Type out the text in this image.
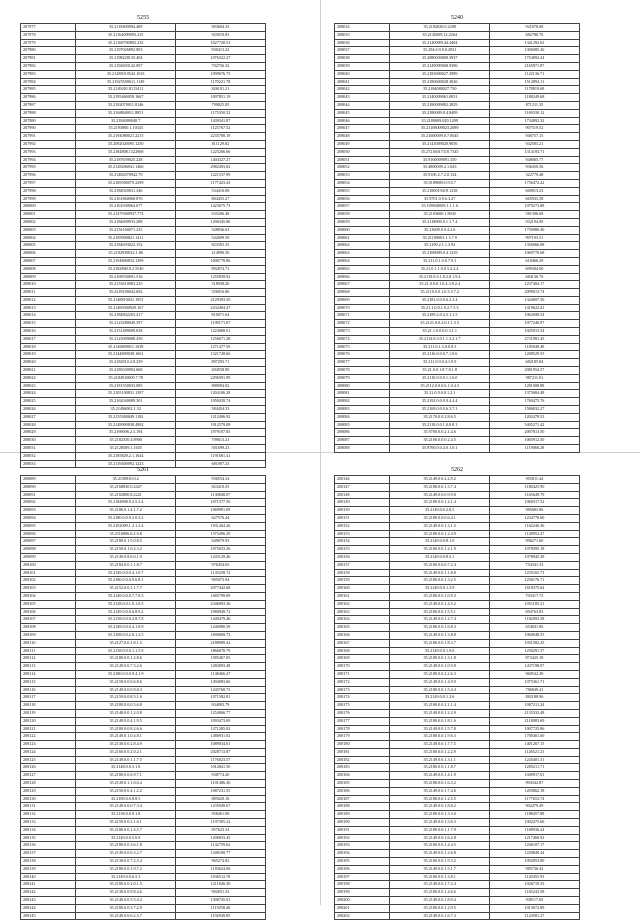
5255
207977	35.2118409094.409	903604.35
207978	35.21164009093.215	925010.83
207979	35.21168700892.233	1027720.53
207980	35.2197026892.903	930413.22
207981	35.2198220133.404	1076322.27
207982	35.2192603142.097	702756.32
207983	35.21285010542.1633	1099676.75
207984	35.21925500611.1149	1170221.78
207985	35.2149201.8115411	826101.21
207986	35.2195460059.1667	1097851.19
207987	35.2182070011.8146	799825.85
207988	35.2168840011.8851	1175350.52
207989	35.2184009040.7	1439341.87
207990	35.2193800.1.10343	1125767.52
207991	35.2194080021.2215	2235708.19
207992	35.2092020095.1250	811129.82
207993	35.2184808.1322968	1225266.66
207994	35.2187659025.228	1404327.27
207995	35.2128206941.1466	2982493.82
207996	35.21482070942.79	1221537.99
207997	35.2169500079.2299	1177423.43
207998	35.2184920031.346	534416.08
207999	35.2161860068.876	804455.27
208000	35.2161030064.677	1423675.73
208001	35.21479300937.774	635206.48
208002	35.2184690933.288	1296345.86
208003	35.2154160071.235	528836.63
208004	35.2185900821.1411	542699.59
208005	35.2184693022.152	823393.35
208006	35.2182939022.1.86	214990.50
208007	35.2194800832.1299	1006778.86
208008	35.2182800.8.2.5540	892874.71
208009	35.2169550091.516	1255839.92
208010	35.2153610083.225	318938.20
208011	35.2218100042.692	356916.80
208012	35.2148810041.1951	2129393.50
208013	35.21469300929.167	2232404.47
208014	35.2184802203.417	810071.64
208015	35.2123280049.397	1199171.87
208016	35.2151489009.638	1224068.01
208017	35.2123009088.459	1256671.28
208018	35.2146809011.1639	1271477.59
208019	35.2144809038.1661	1321728.66
208020	35.2182810.2.8.239	897293.71
208021	35.2185030092.668	204558.90
208022	35.2184910009.7.78	2296591.99
208023	35.2181550033.085	889094.02
208024	35.2105100831.1397	1204106.28
208025	35.2162040089.301	1950439.74
208026	35.21496002.1.32	584454.53
208027	35.2155380049.1182	1212496.92
208028	35.2148900838.4902	1912579.08
208029	35.2169006.2.3.194	1979107.83
208030	35.2182350.4.8900	709613.21
208031	35.2128509.1.1655	501699.23
208032	35.2185829.2.1.1644	1191681.41
208033	35.2139400092.1223	681097.23
5240
208034	35.2182020.0.2208	921078.68
208035	35.2145009.12.2264	682780.70
208036	35.2140009144.4404	1341292.62
208037	35.294.6.9.9.0.2931	1306085.26
208038	35.2080030069.3937	1754092.44
208039	35.2149009068.9396	2165971.87
208040	35.2183000027.3989	1122136.71
208041	35.2180600028.3026	1512894.11
208042	35.2184080027.750	1178819.68
208043	35.2140009061.0051	1188249.68
208044	35.2180009082.2829	871211.35
208045	35.2180009.8.4.8409	1169330.12
208046	35.2180009.029.1299	1734092.32
208047	35.21108009023.2089	907519.52
208048	35.21600009.0.7.0045	946757.15
208049	35.2143009020.9056	942583.21
208050	35.27216017310.7345	1314193.71
208051	35.9160009091.350	948065.77
208052	35.4800009.2.1.043	936450.56
208053	35.9100.2.7.2.0.134	322779.48
208054	35.9189009.0.9.0.7	1756472.42
208055	35.2180019419.1238	669013.23
208056	35.9701.0.9.6.3.27	665933.58
208057	35.109920009.1.1.1.6	1079273.88
208058	35.2103600.1.8045	581396.68
208059	35.2118900.0.1.1.7.4	932194.90
208060	35.21609.0.0.4.2.6	1750080.40
208061	35.21109003.1.3.7.9	997193.51
208062	35.2190.2.1.1.3.92	1356066.08
208063	35.2108009.0.4.1229	1069770.68
208064	35.211.0.1.0.0.7.9.1	610466.29
208065	35.21.0.1.1.0.0.5.2.2.4	699304.00
208066	35.2110.0.0.1.8.2.8.1.9.4	684130.70
208067	35.21.0.0.0.1.0.4.3.8.2.4	1237404.17
208068	35.2110.0.0.1.0.3.3.7.2	2099013.74
208069	35.2181.0.0.0.6.2.3.4	1344697.56
208070	35.21.1.0.0.1.0.2.7.5.3	1419622.41
208071	35.2189.2.0.4.5.1.1.5	1062698.54
208072	35.2121.0.0.2.0.1.1.3.5	1077246.97
208073	35.21.1.0.0.6.0.3.1.1	1025913.54
208074	35.2114.0.0.0.1.1.3.2.1.7	2731981.45
208075	35.211.0.1.3.0.0.8.3	1185049.48
208076	35.2116.0.0.0.7.1.0.6	1208529.55
208077	35.211.0.0.0.4.1.0.9	682185.84
208078	35.21.0.0.1.8.7.8.1.8	2081954.57
208079	35.2110.0.0.0.1.1.6.0	987211.01
208080	35.2112.0.0.0.6.1.0.4.3	1281008.88
208081	35.21.0.9.0.0.1.2.1	1375684.48
208082	35.2192.0.0.0.9.4.4.4	1760475.76
208083	35.2169.0.0.0.6.3.7.1	1586832.27
208084	35.2170.0.0.2.8.6.5	1202479.53
208085	35.2118.0.0.1.0.0.8.1	5405271.42
208086	35.9700.0.0.2.1.4.6	2007813.50
208087	35.2100.0.0.0.2.4.5	1065912.30
208088	35.9700.0.0.4.0.1.0.1	1119068.28
5261
208089	35.2150810.0.2	936554.34
208090	35.2168830.0.2427	823410.55
208091	35.2182800.8.2221	1130848.07
208092	35.2184808.9.2.5.3.4	1071577.50
208093	35.2180.0.1.4.1.7.2	1069991.09
208094	35.2180.0.0.9.2.0.3.2	627576.44
208095	35.2102009.1.2.1.3.4	1931264.26
208096	35.2116806.0.2.0.8	1375496.29
208097	35.2180.0.1.5.0.8.5	649079.93
208098	35.2150.0.1.0.2.3.2	1075033.26
208099	35.2149.0.8.6.0.1.9	1243129.46
208100	35.2184.0.0.1.1.8.7	976454.65
208101	35.2149.0.0.0.4.1.0.7	1145258.72
208102	35.2180.0.0.0.9.6.8.1	905073.94
208103	35.2152.0.0.1.1.7.7	2077442.68
208104	35.2149.0.0.0.7.7.8.3	1685799.09
208105	35.2128.0.0.1.0.1.0.5	2346093.36
208106	35.2149.0.0.0.6.8.9.2	1080949.72
208107	35.2138.0.0.0.2.8.7.8	1449479.46
208108	35.2149.0.0.0.4.1.8.9	1246980.39
208109	35.2108.0.0.2.0.1.2.5	1690069.73
208110	35.2127.0.0.1.8.1.5	2188989.42
208111	35.2138.0.0.0.1.1.5.9	1866078.79
208112	35.2180.0.0.1.2.8.6	1585467.05
208113	35.2149.0.0.7.3.2.6	1282093.48
208114	35.2180.0.0.0.9.4.1.9	1148466.47
208115	35.2158.0.0.0.6.8.6	1494083.66
208116	35.2149.0.0.0.9.8.3	1245768.73
208117	35.2159.0.0.8.5.1.6	1071582.81
208118	35.2180.0.0.0.5.6.8	934003.79
208119	35.2148.0.0.1.2.0.8	1254066.77
208120	35.2149.0.0.4.1.9.5	1093473.69
208121	35.2180.0.0.8.2.6.6	1271285.02
208122	35.2149.0.1.0.4.8.1	1486931.02
208123	35.2138.0.0.2.8.4.9	1089034.01
208124	35.2160.0.0.2.0.2.1	2028713.87
208125	35.2149.0.0.1.1.7.5	1176023.57
208126	35.2148.0.0.3.1.8	1012841.50
208127	35.2180.0.0.6.9.7.1	938774.20
208128	35.2149.0.1.1.0.6.4	1101486.26
208129	35.2150.0.0.4.1.2.2	1087231.55
208130	35.2180.0.0.8.8.5	885620.16
208131	35.2149.0.0.0.7.3.4	1235049.67
208132	35.2138.0.0.9.1.8	958461.08
208133	35.2159.0.0.2.1.6.1	1197305.22
208134	35.2180.0.0.1.4.5.7	857623.34
208135	35.2149.0.0.5.6.9	1206833.45
208136	35.2180.0.0.3.6.1.8	1142759.62
208137	35.2149.0.0.0.3.2.7	1349108.77
208138	35.2138.0.0.7.2.5.4	965274.82
208139	35.2180.0.0.1.9.7.2	1183624.06
208140	35.2149.0.0.6.5.3	1036512.78
208141	35.2180.0.0.2.0.1.5	1211846.30
208142	35.2138.0.0.9.8.4.6	902651.33
208143	35.2149.0.0.5.5.4.2	1308745.91
208144	35.2180.0.0.3.7.2.9	1119258.40
208145	35.2149.0.0.6.2.3.7	1192049.85
5262
208146	35.2149.0.0.2.2.9.2	955811.44
208147	35.2180.0.0.1.3.7.4	1180425.90
208148	35.2149.0.0.0.9.9.8	1165649.79
208149	35.2180.0.0.1.2.1.4	1068317.52
208150	35.2149.0.0.2.8.5	985683.86
208151	35.2180.0.0.0.6.4.1	1234770.60
208152	35.2149.0.0.1.3.1.5	1162246.36
208153	35.2180.0.0.1.2.4.9	1128952.47
208154	35.2149.0.0.8.1.0	996271.60
208155	35.2180.0.0.1.2.1.9	1078395.18
208156	35.2149.0.0.8.5.1	1078945.28
208157	35.2180.0.0.0.7.2.4	754341.33
208158	35.2149.0.0.1.1.8.8	1235165.73
208159	35.2180.0.0.1.3.2.5	1236176.71
208160	35.2149.0.0.1.3.9	1618375.64
208161	35.2180.0.0.1.0.9.3	703417.73
208162	35.2149.0.0.1.4.5.2	1051185.21
208163	35.2180.0.0.1.5.5.1	694763.83
208164	35.2149.0.0.1.2.7.4	1182093.58
208165	35.2180.0.0.1.6.8.3	654041.06
208166	35.2149.0.0.1.3.8.8	1060048.55
208167	35.2180.0.0.1.8.3.7	1031582.25
208168	35.2149.0.0.1.9.6	1250291.57
208169	35.2180.0.0.1.3.1.8	873425.18
208170	35.2149.0.0.1.0.9.8	1437198.07
208171	35.2180.0.0.2.2.6.3	960542.49
208172	35.2149.0.0.1.4.9.9	1075361.71
208173	35.2180.0.0.1.5.4.4	786849.41
208174	35.2149.0.0.1.3.6	882188.96
208175	35.2180.0.0.2.1.1.4	1087211.24
208176	35.2149.0.0.1.2.2.9	2135332.48
208177	35.2180.0.0.1.8.1.6	2118083.69
208178	35.2149.0.0.1.5.7.8	1007725.86
208179	35.2180.0.0.1.9.6.3	1700401.60
208180	35.2149.0.0.1.7.7.5	1401267.15
208181	35.2180.0.0.1.2.2.9	1126521.21
208182	35.2149.0.0.1.3.1.1	1245401.31
208183	35.2180.0.0.1.1.8.7	1205211.71
208184	35.2149.0.0.1.4.1.9	1049917.61
208185	35.2180.0.0.1.6.3.2	994342.87
208186	35.2149.0.0.1.7.4.6	1203862.18
208187	35.2180.0.0.1.2.5.5	1177653.74
208188	35.2149.0.0.1.8.8.2	902479.49
208189	35.2180.0.0.1.3.3.6	1188457.88
208190	35.2149.0.0.1.5.6.3	1002475.66
208191	35.2180.0.0.1.1.7.9	1168936.24
208192	35.2149.0.0.1.6.2.8	1217468.92
208193	35.2180.0.0.1.4.4.5	1246107.17
208194	35.2149.0.0.1.2.6.8	1220849.44
208195	35.2180.0.0.1.9.3.2	1092853.80
208196	35.2149.0.0.1.5.1.7	985736.42
208197	35.2180.0.0.1.3.8.1	1120455.93
208198	35.2149.0.0.1.7.2.4	1026719.33
208199	35.2180.0.0.1.4.6.6	1165243.58
208200	35.2149.0.0.1.8.9.4	938117.65
208201	35.2180.0.0.1.2.9.5	1013672.89
208202	35.2149.0.0.1.6.7.3	1124581.27
